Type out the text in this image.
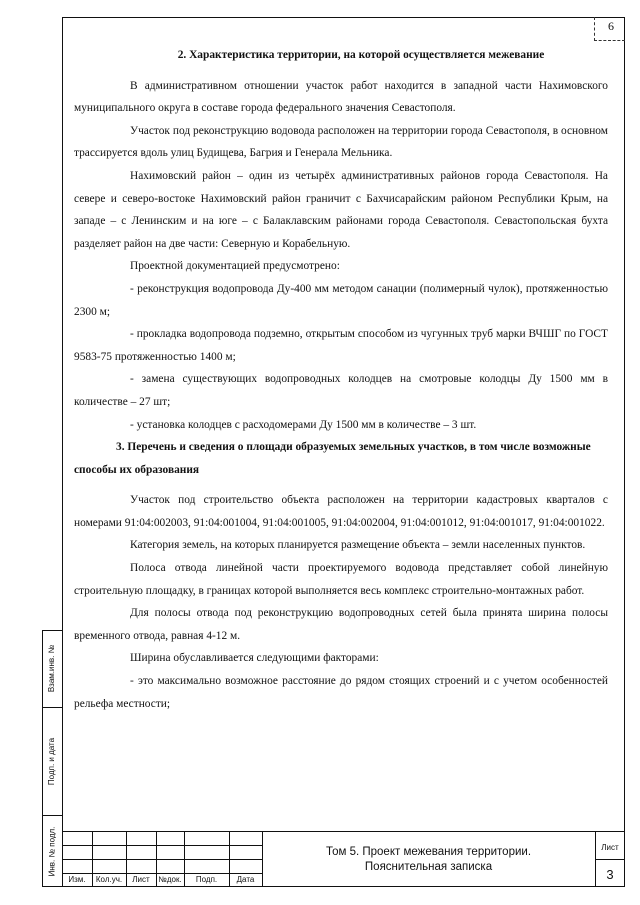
6
2. Характеристика территории, на которой осуществляется межевание

В административном отношении участок работ находится в западной части Нахимовского муниципального округа в составе города федерального значения Севастополя.

Участок под реконструкцию водовода расположен на территории города Севастополя, в основном трассируется вдоль улиц Будищева, Багрия и Генерала Мельника.

Нахимовский район – один из четырёх административных районов города Севастополя. На севере и северо-востоке Нахимовский район граничит с Бахчисарайским районом Республики Крым, на западе – с Ленинским и на юге – с Балаклавским районами города Севастополя. Севастопольская бухта разделяет район на две части: Северную и Корабельную.

Проектной документацией предусмотрено:

- реконструкция водопровода Ду-400 мм методом санации (полимерный чулок), протяженностью 2300 м;

- прокладка водопровода подземно, открытым способом из чугунных труб марки ВЧШГ по ГОСТ 9583-75 протяженностью 1400 м;

- замена существующих водопроводных колодцев на смотровые колодцы Ду 1500 мм в количестве – 27 шт;

- установка колодцев с расходомерами Ду 1500 мм в количестве – 3 шт.

3. Перечень и сведения о площади образуемых земельных участков, в том числе возможные способы их образования

Участок под строительство объекта расположен на территории кадастровых кварталов с номерами 91:04:002003, 91:04:001004, 91:04:001005, 91:04:002004, 91:04:001012, 91:04:001017, 91:04:001022.

Категория земель, на которых планируется размещение объекта – земли населенных пунктов.

Полоса отвода линейной части проектируемого водовода представляет собой линейную строительную площадку, в границах которой выполняется весь комплекс строительно-монтажных работ.

Для полосы отвода под реконструкцию водопроводных сетей была принята ширина полосы временного отвода, равная 4-12 м.

Ширина обуславливается следующими факторами:

- это максимально возможное расстояние до рядом стоящих строений и с учетом особенностей рельефа местности;

Взам.инв. №
Подп. и дата
Инв. № подл.
Изм.	Кол.уч.	Лист	№док.	Подп.	Дата
Том 5. Проект межевания территории.
Пояснительная записка
Лист
3
